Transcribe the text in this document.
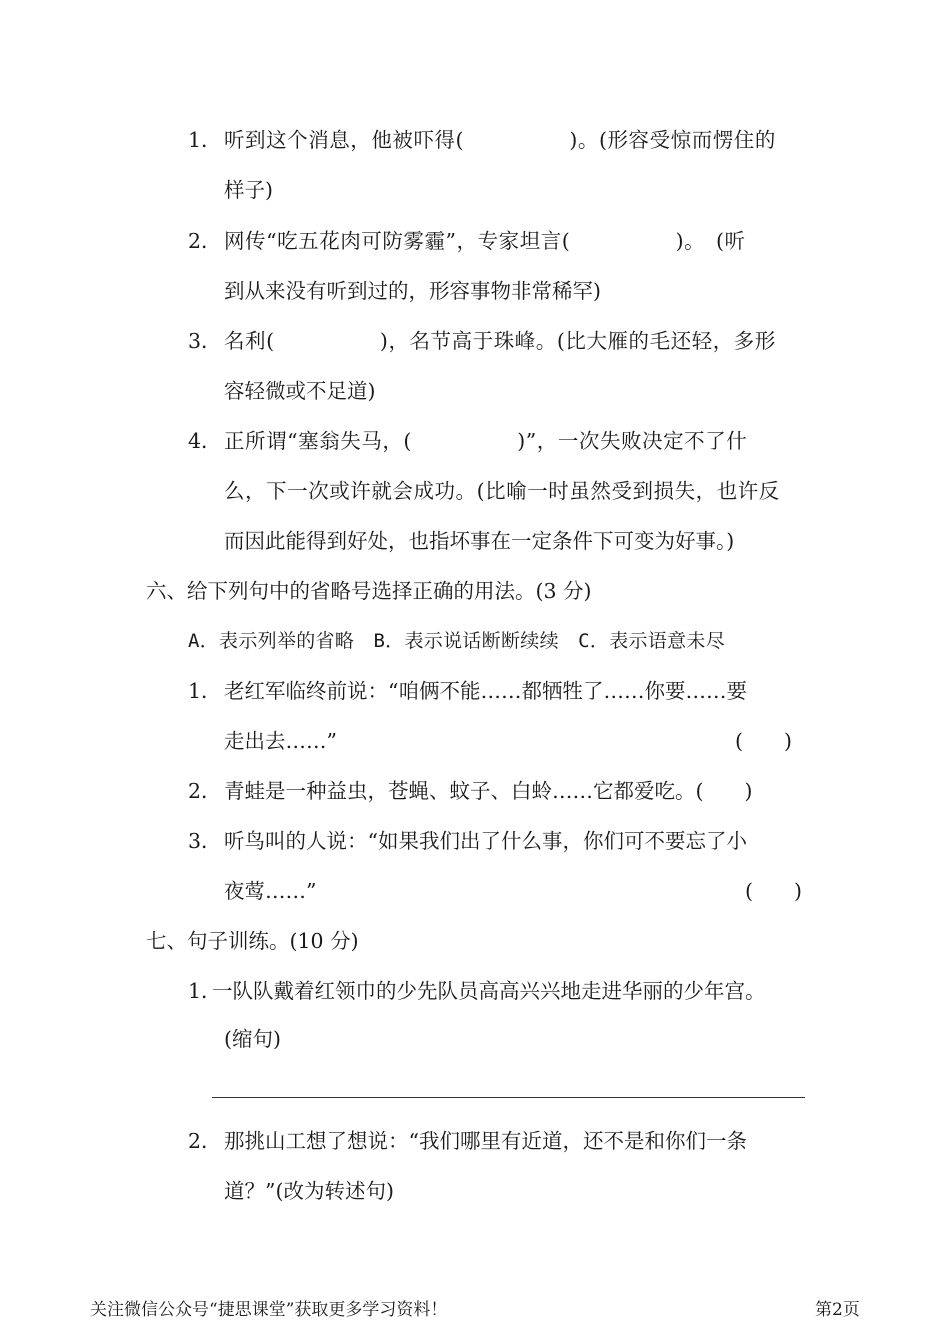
1． 听到这个消息，他被吓得(　　　　　)。(形容受惊而愣住的
样子)
2． 网传“吃五花肉可防雾霾”，专家坦言(　　　　　)。　(听
到从来没有听到过的，形容事物非常稀罕)
3． 名利(　　　　　)，名节高于珠峰。(比大雁的毛还轻，多形
容轻微或不足道)
4． 正所谓“塞翁失马，(　　　　　)”，一次失败决定不了什
么，下一次或许就会成功。(比喻一时虽然受到损失，也许反
而因此能得到好处，也指坏事在一定条件下可变为好事。)
六、给下列句中的省略号选择正确的用法。(3 分)
A．表示列举的省略　B．表示说话断断续续　C．表示语意未尽
1． 老红军临终前说：“咱俩不能……都牺牲了……你要……要
走出去……”	(　　)
2． 青蛙是一种益虫，苍蝇、蚊子、白蛉……它都爱吃。(　　)
3． 听鸟叫的人说：“如果我们出了什么事，你们可不要忘了小
夜莺……”	(　　)
七、句子训练。(10 分)
1．
一队队戴着红领巾的少先队员高高兴兴地走进华丽的少年宫。
(缩句)
2． 那挑山工想了想说：“我们哪里有近道，还不是和你们一条
道？”(改为转述句)
关注微信公众号“捷思课堂”获取更多学习资料！	第2页
